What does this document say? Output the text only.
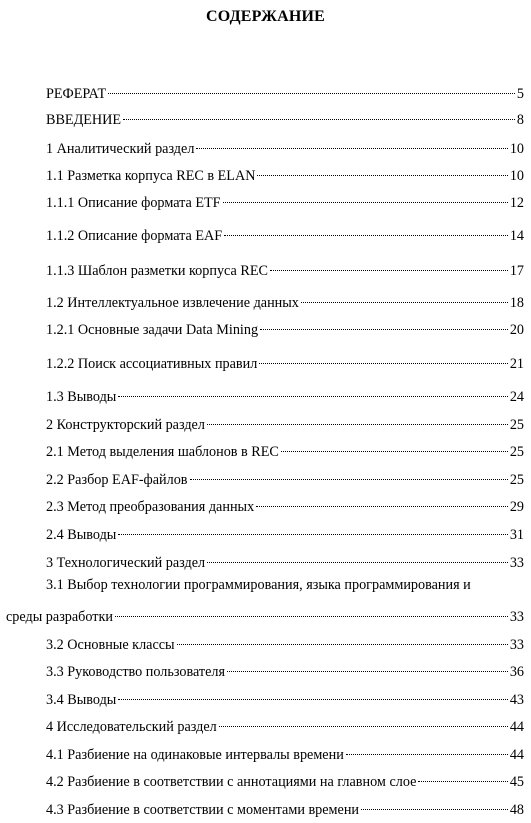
СОДЕРЖАНИЕ
РЕФЕРАТ	5
ВВЕДЕНИЕ	8
1 Аналитический раздел	10
1.1 Разметка корпуса REC в ELAN	10
1.1.1 Описание формата ETF	12
1.1.2 Описание формата EAF	14
1.1.3 Шаблон разметки корпуса REC	17
1.2 Интеллектуальное извлечение данных	18
1.2.1 Основные задачи Data Mining	20
1.2.2 Поиск ассоциативных правил	21
1.3 Выводы	24
2 Конструкторский раздел	25
2.1 Метод выделения шаблонов в REC	25
2.2 Разбор EAF-файлов	25
2.3 Метод преобразования данных	29
2.4 Выводы	31
3 Технологический раздел	33
3.1 Выбор технологии программирования, языка программирования и
среды разработки	33
3.2 Основные классы	33
3.3 Руководство пользователя	36
3.4 Выводы	43
4 Исследовательский раздел	44
4.1 Разбиение на одинаковые интервалы времени	44
4.2 Разбиение в соответствии с аннотациями на главном слое	45
4.3 Разбиение в соответствии с моментами времени	48
